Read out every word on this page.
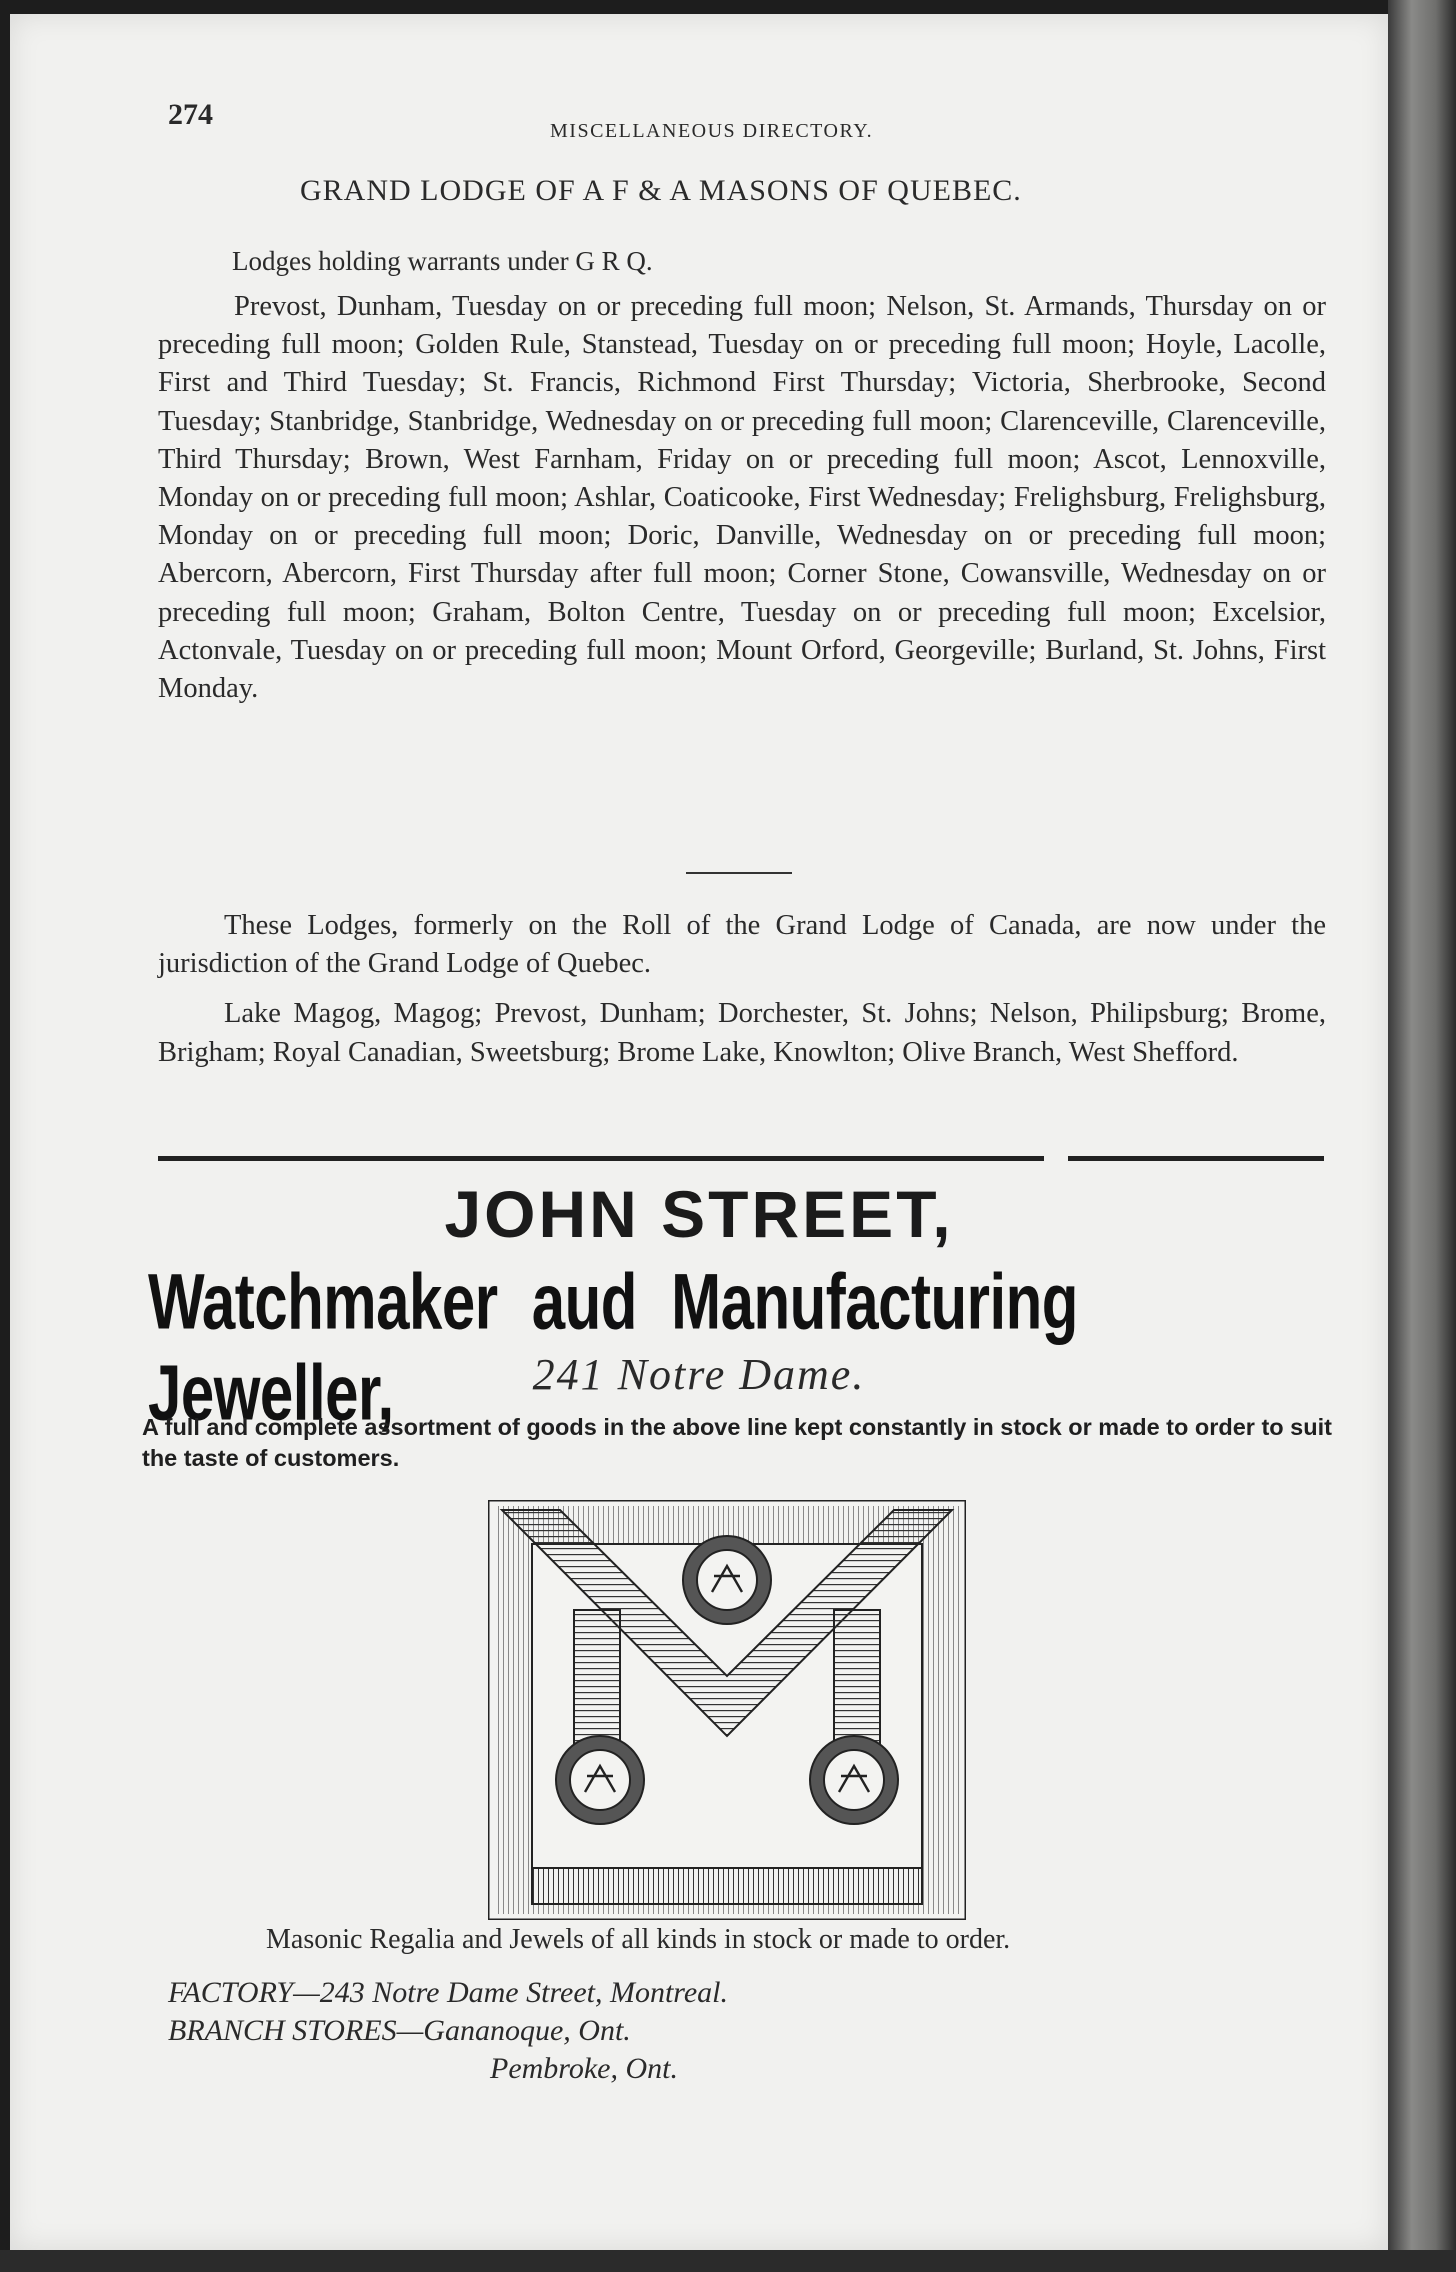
274	MISCELLANEOUS DIRECTORY.
GRAND LODGE OF A F & A MASONS OF QUEBEC.
Lodges holding warrants under G R Q.

Prevost, Dunham, Tuesday on or preceding full moon; Nelson, St. Armands, Thursday on or preceding full moon; Golden Rule, Stanstead, Tuesday on or preceding full moon; Hoyle, Lacolle, First and Third Tuesday; St. Francis, Richmond First Thursday; Victoria, Sherbrooke, Second Tuesday; Stanbridge, Stanbridge, Wednesday on or preceding full moon; Clarenceville, Clarenceville, Third Thursday; Brown, West Farnham, Friday on or preceding full moon; Ascot, Lennoxville, Monday on or preceding full moon; Ashlar, Coaticooke, First Wednesday; Frelighsburg, Frelighsburg, Monday on or preceding full moon; Doric, Danville, Wednesday on or preceding full moon; Abercorn, Abercorn, First Thursday after full moon; Corner Stone, Cowansville, Wednesday on or preceding full moon; Graham, Bolton Centre, Tuesday on or preceding full moon; Excelsior, Actonvale, Tuesday on or preceding full moon; Mount Orford, Georgeville; Burland, St. Johns, First Monday.

These Lodges, formerly on the Roll of the Grand Lodge of Canada, are now under the jurisdiction of the Grand Lodge of Quebec.

Lake Magog, Magog; Prevost, Dunham; Dorchester, St. Johns; Nelson, Philipsburg; Brome, Brigham; Royal Canadian, Sweetsburg; Brome Lake, Knowlton; Olive Branch, West Shefford.

JOHN STREET,
Watchmaker aud Manufacturing Jeweller,	241 Notre Dame.
A full and complete assortment of goods in the above line kept constantly in stock or made to order to suit the taste of customers.
Masonic Regalia and Jewels of all kinds in stock or made to order.
FACTORY—243 Notre Dame Street, Montreal.
BRANCH STORES—Gananoque, Ont.
Pembroke, Ont.
